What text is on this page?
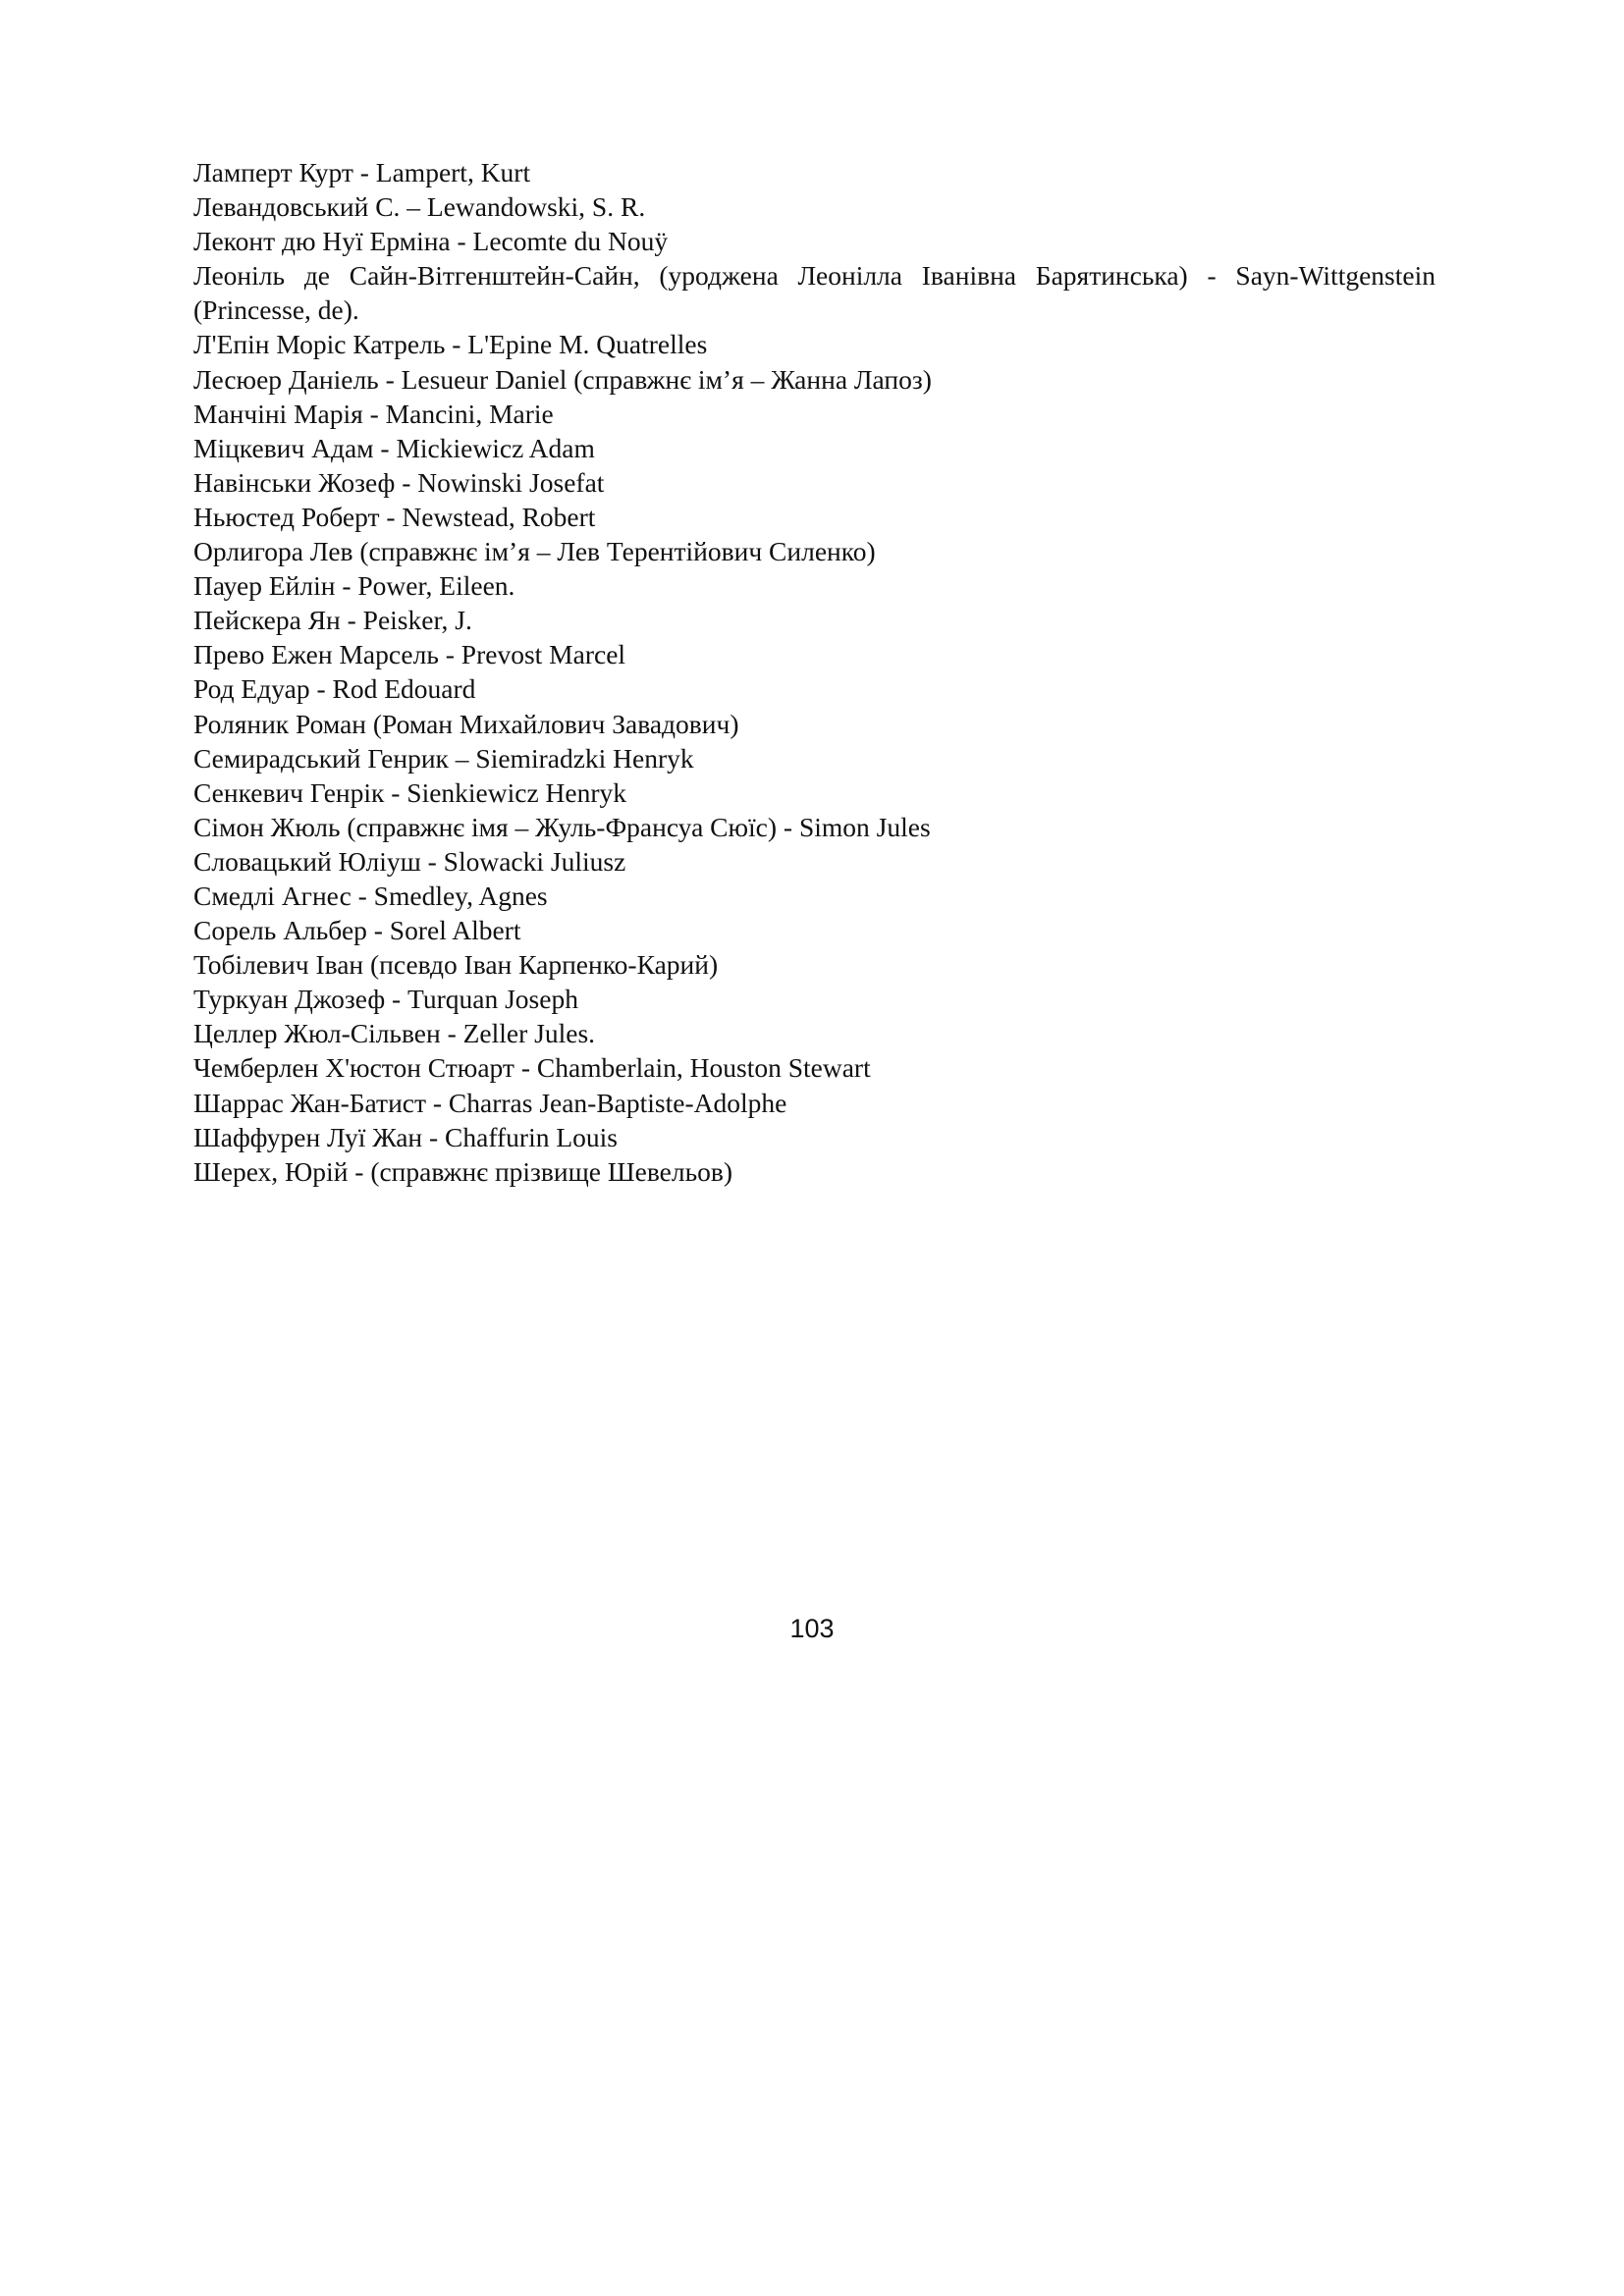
Ламперт Курт - Lampert, Kurt

Левандовський С. – Lewandowski, S. R.

Леконт дю Нуї Ерміна - Lecomte du Nouÿ

Леоніль де Сайн-Вітгенштейн-Сайн, (уроджена Леонілла Іванівна Барятинська) - Sayn-Wittgenstein (Princesse, de).

Л'Епін Моріс Катрель - L'Epine M. Quatrelles

Лесюер Даніель - Lesueur Daniel (справжнє ім’я – Жанна Лапоз)

Манчіні Марія - Mancini, Marie

Міцкевич Адам - Mickiewicz Adam

Навінськи Жозеф - Nowinski Josefat

Ньюстед Роберт - Newstead, Robert

Орлигора Лев (справжнє ім’я – Лев Терентійович Силенко)

Пауер Ейлін - Power, Eileen.

Пейскера Ян - Peisker, J.

Прево Ежен Марсель - Prevost Marcel

Род Едуар - Rod Edouard

Роляник Роман (Роман Михайлович Завадович)

Семирадський Генрик – Siemiradzki Henryk

Сенкевич Генрік - Sienkiewicz Henryk

Сімон Жюль (справжнє імя – Жуль-Франсуа Сюїс) - Simon Jules

Словацький Юліуш - Slowacki Juliusz

Смедлі Агнес - Smedley, Agnes

Сорель Альбер - Sorel Albert

Тобілевич Іван (псевдо Іван Карпенко-Карий)

Туркуан Джозеф - Turquan Joseph

Целлер Жюл-Сільвен - Zeller Jules.

Чемберлен Х'юстон Стюарт - Chamberlain, Houston Stewart

Шаррас Жан-Батист - Charras Jean-Baptiste-Adolphe

Шаффурен Луї Жан - Chaffurin Louis

Шерех, Юрій - (справжнє прізвище Шевельов)

103
